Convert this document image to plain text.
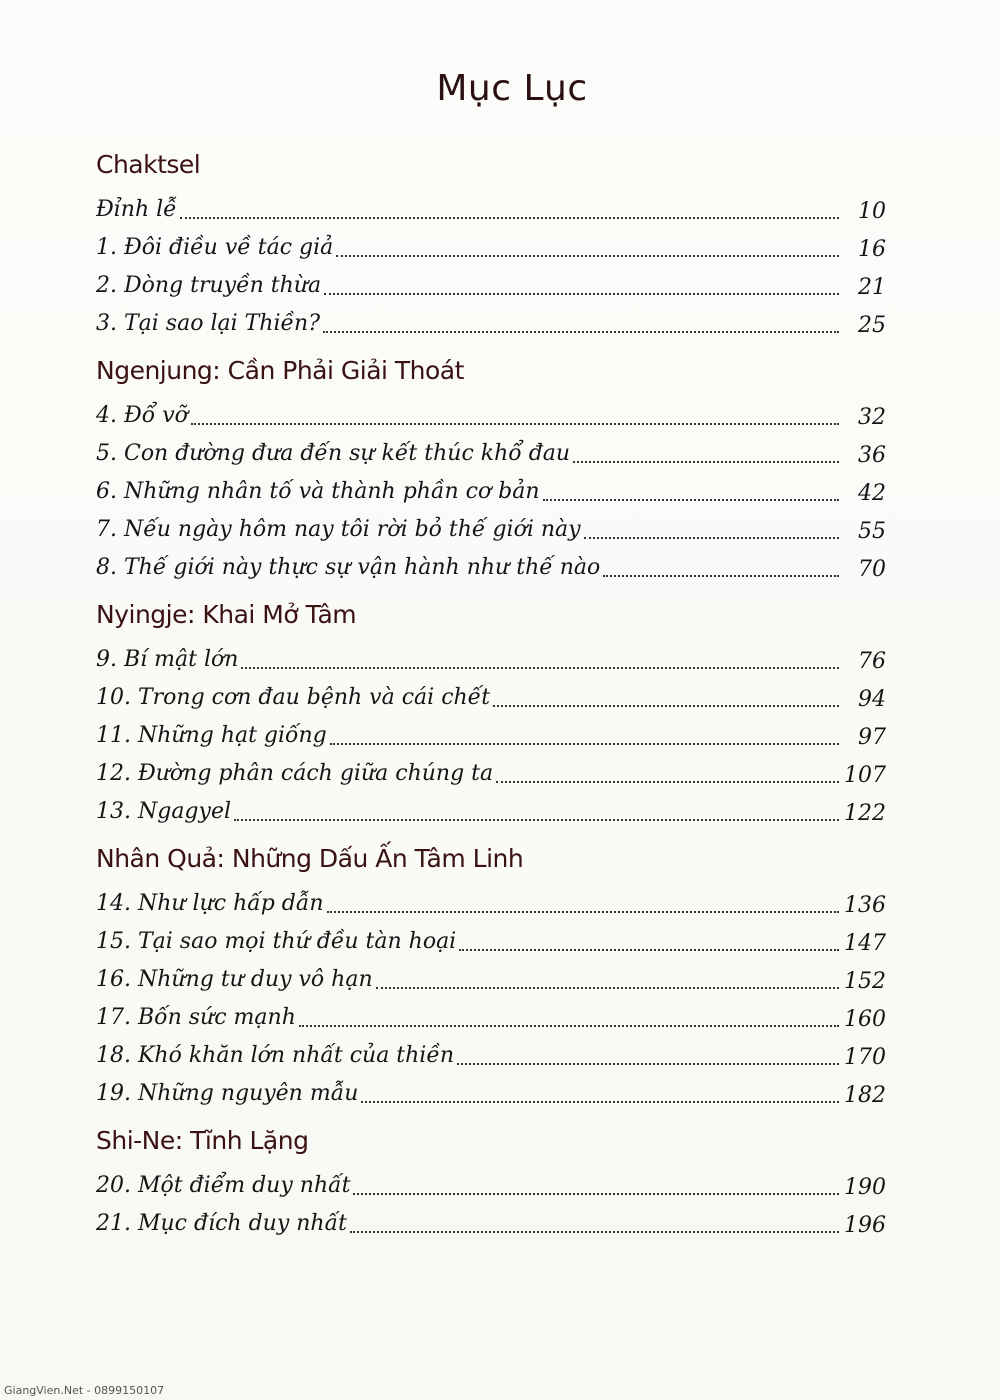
Mục Lục
Chaktsel
Đỉnh lễ	10
1. Đôi điều về tác giả	16
2. Dòng truyền thừa	21
3. Tại sao lại Thiền?	25
Ngenjung: Cần Phải Giải Thoát
4. Đổ vỡ	32
5. Con đường đưa đến sự kết thúc khổ đau	36
6. Những nhân tố và thành phần cơ bản	42
7. Nếu ngày hôm nay tôi rời bỏ thế giới này	55
8. Thế giới này thực sự vận hành như thế nào	70
Nyingje: Khai Mở Tâm
9. Bí mật lớn	76
10. Trong cơn đau bệnh và cái chết	94
11. Những hạt giống	97
12. Đường phân cách giữa chúng ta	107
13. Ngagyel	122
Nhân Quả: Những Dấu Ấn Tâm Linh
14. Như lực hấp dẫn	136
15. Tại sao mọi thứ đều tàn hoại	147
16. Những tư duy vô hạn	152
17. Bốn sức mạnh	160
18. Khó khăn lớn nhất của thiền	170
19. Những nguyên mẫu	182
Shi-Ne: Tĩnh Lặng
20. Một điểm duy nhất	190
21. Mục đích duy nhất	196
GiangVien.Net - 0899150107
